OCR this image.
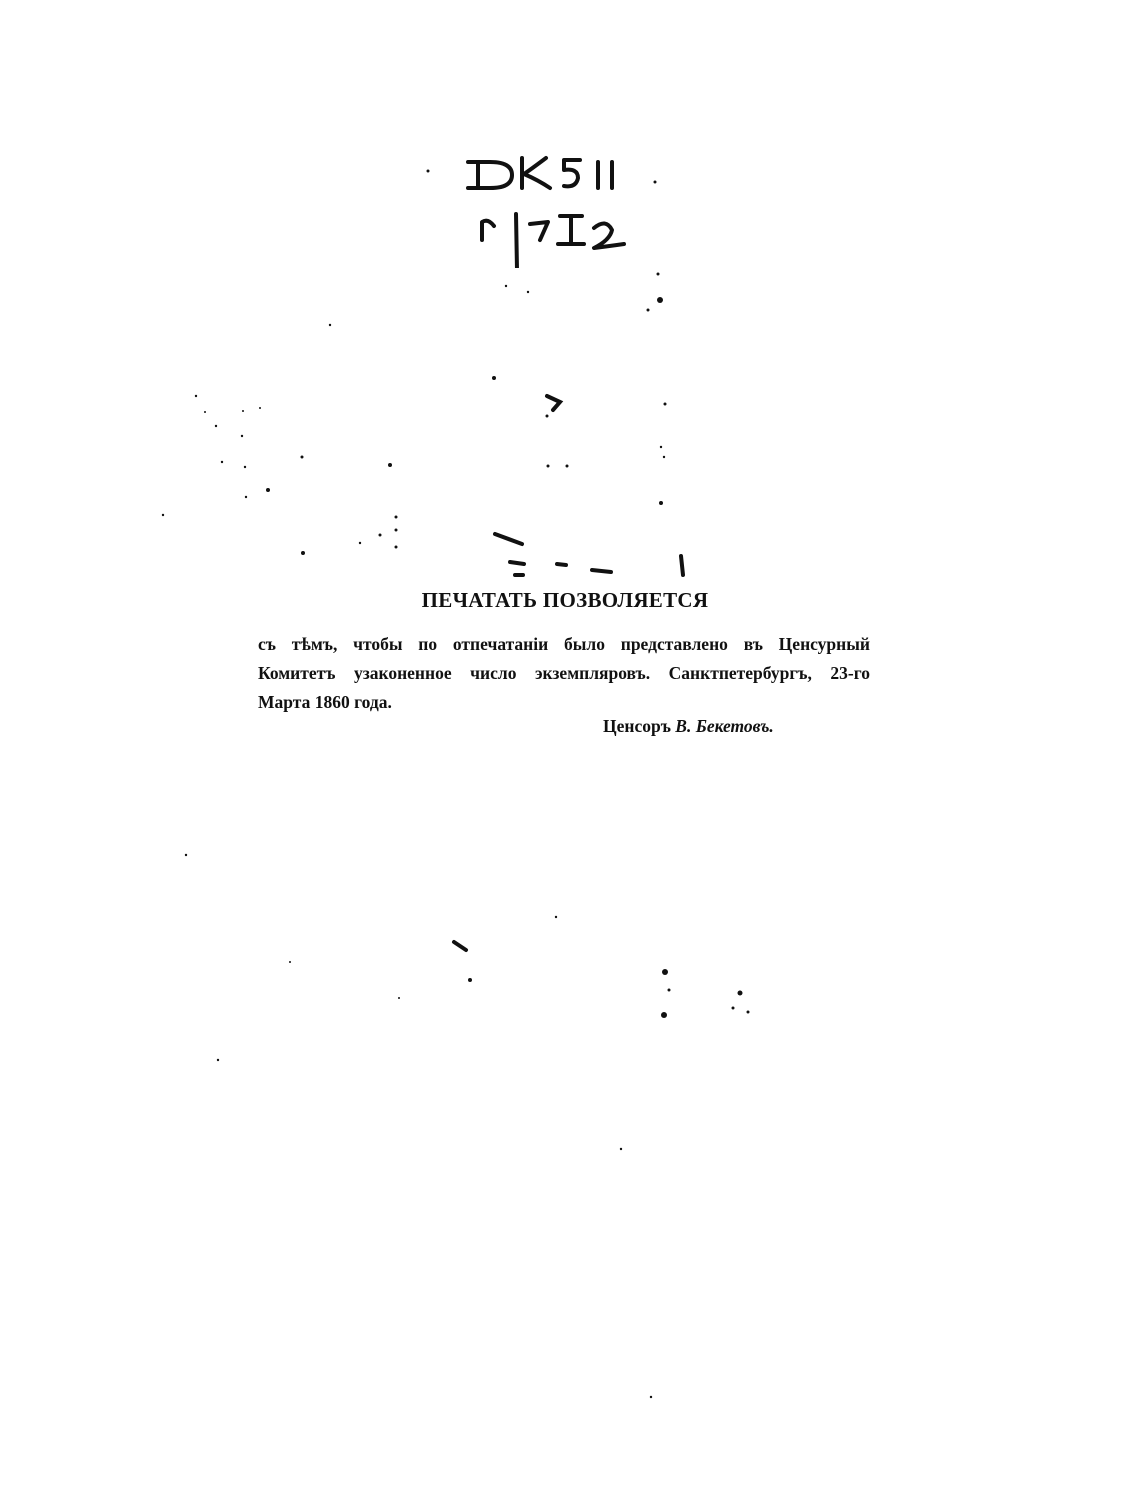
ПЕЧАТАТЬ ПОЗВОЛЯЕТСЯ
съ тѣмъ, чтобы по отпечатаніи было представлено въ Ценсурный
Комитетъ узаконенное число экземпляровъ. Санктпетербургъ, 23-го
Марта 1860 года.
Ценсоръ В. Бекетовъ.
